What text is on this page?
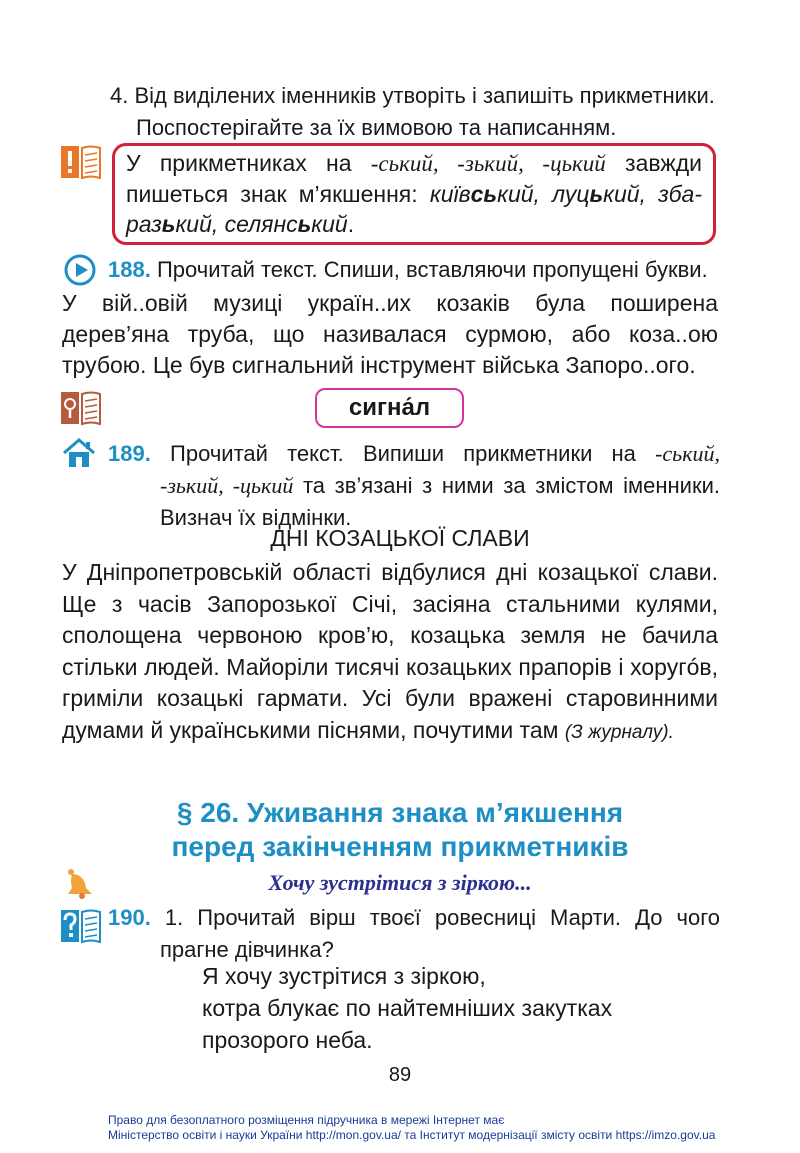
4. Від виділених іменників утворіть і запишіть прикметники.
Поспостерігайте за їх вимовою та написанням.
У прикметниках на -ський, -зький, -цький завжди
пишеться знак м’якшення: київський, луцький, зба-
разький, селянський.
188. Прочитай текст. Спиши, вставляючи пропущені букви.
У вій..овій музиці україн..их козаків була поширена дерев’яна труба, що називалася сурмою, або коза..ою трубою. Це був сигнальний інструмент війська Запоро..ого.
сигнал
189. Прочитай текст. Випиши прикметники на -ський,
-зький, -цький та зв’язані з ними за змістом іменники.
Визнач їх відмінки.
ДНІ КОЗАЦЬКОЇ СЛАВИ
У Дніпропетровській області відбулися дні козацької слави. Ще з часів Запорозької Січі, засіяна стальними кулями, сполощена червоною кров’ю, козацька земля не бачила стільки людей. Майоріли тисячі козацьких прапорів і хоругóв, гриміли козацькі гармати. Усі були вражені старовинними думами й українськими піснями, почутими там (З журналу).
§ 26. Уживання знака м’якшення
перед закінченням прикметників
Хочу зустрітися з зіркою...
190. 1. Прочитай вірш твоєї ровесниці Марти. До чого
прагне дівчинка?
Я хочу зустрітися з зіркою,
котра блукає по найтемніших закутках
прозорого неба.
89
Право для безоплатного розміщення підручника в мережі Інтернет має
Міністерство освіти і науки України http://mon.gov.ua/ та Інститут модернізації змісту освіти https://imzo.gov.ua
